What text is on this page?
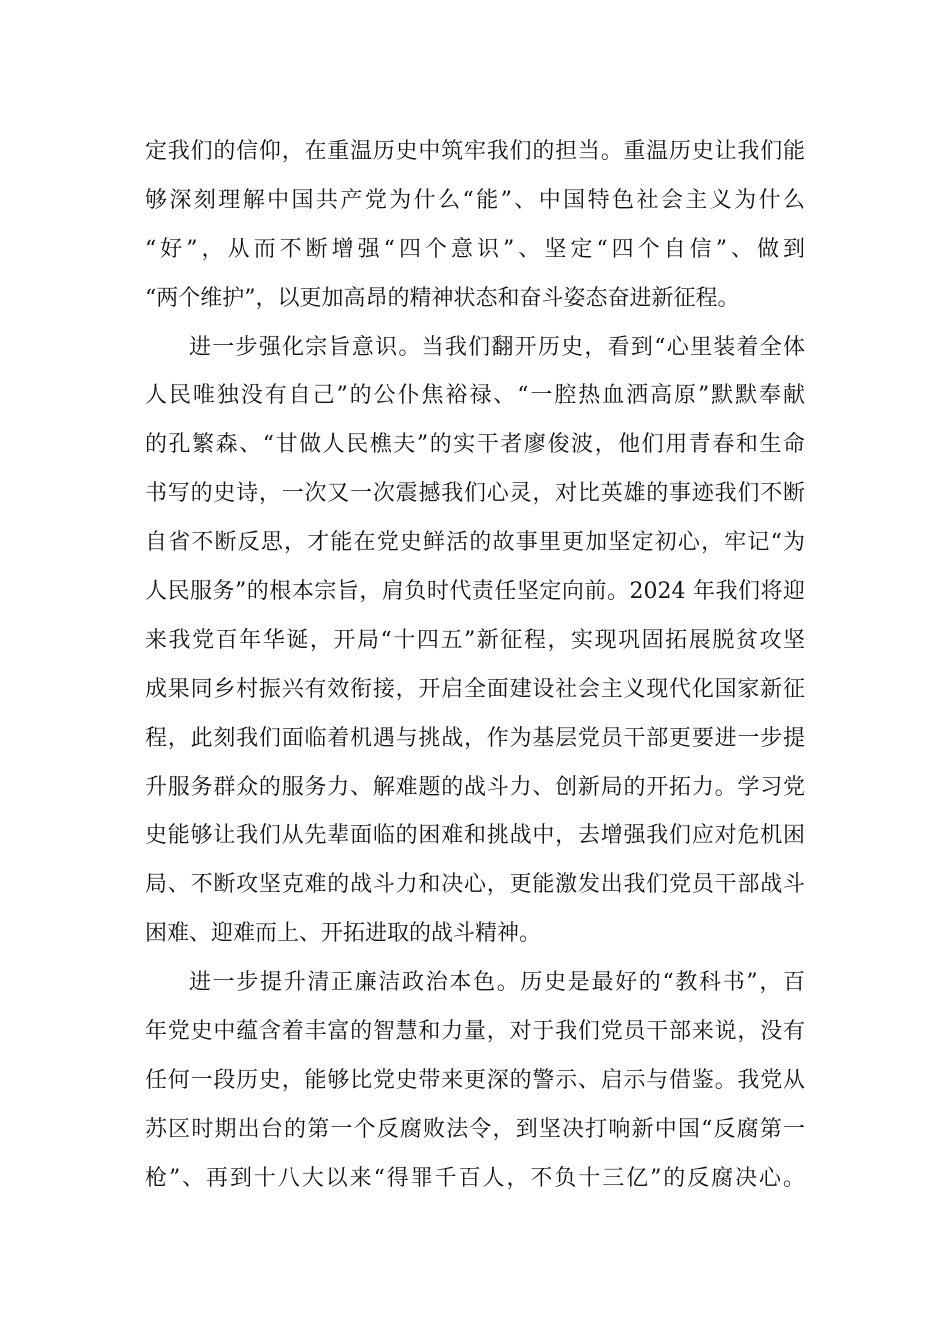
定我们的信仰，在重温历史中筑牢我们的担当。重温历史让我们能
够深刻理解中国共产党为什么“能”、中国特色社会主义为什么
“好”，从而不断增强“四个意识”、坚定“四个自信”、做到
“两个维护”，以更加高昂的精神状态和奋斗姿态奋进新征程。
进一步强化宗旨意识。当我们翻开历史，看到“心里装着全体
人民唯独没有自己”的公仆焦裕禄、“一腔热血洒高原”默默奉献
的孔繁森、“甘做人民樵夫”的实干者廖俊波，他们用青春和生命
书写的史诗，一次又一次震撼我们心灵，对比英雄的事迹我们不断
自省不断反思，才能在党史鲜活的故事里更加坚定初心，牢记“为
人民服务”的根本宗旨，肩负时代责任坚定向前。2024 年我们将迎
来我党百年华诞，开局“十四五”新征程，实现巩固拓展脱贫攻坚
成果同乡村振兴有效衔接，开启全面建设社会主义现代化国家新征
程，此刻我们面临着机遇与挑战，作为基层党员干部更要进一步提
升服务群众的服务力、解难题的战斗力、创新局的开拓力。学习党
史能够让我们从先辈面临的困难和挑战中，去增强我们应对危机困
局、不断攻坚克难的战斗力和决心，更能激发出我们党员干部战斗
困难、迎难而上、开拓进取的战斗精神。
进一步提升清正廉洁政治本色。历史是最好的“教科书”，百
年党史中蕴含着丰富的智慧和力量，对于我们党员干部来说，没有
任何一段历史，能够比党史带来更深的警示、启示与借鉴。我党从
苏区时期出台的第一个反腐败法令，到坚决打响新中国“反腐第一
枪”、再到十八大以来“得罪千百人，不负十三亿”的反腐决心。
